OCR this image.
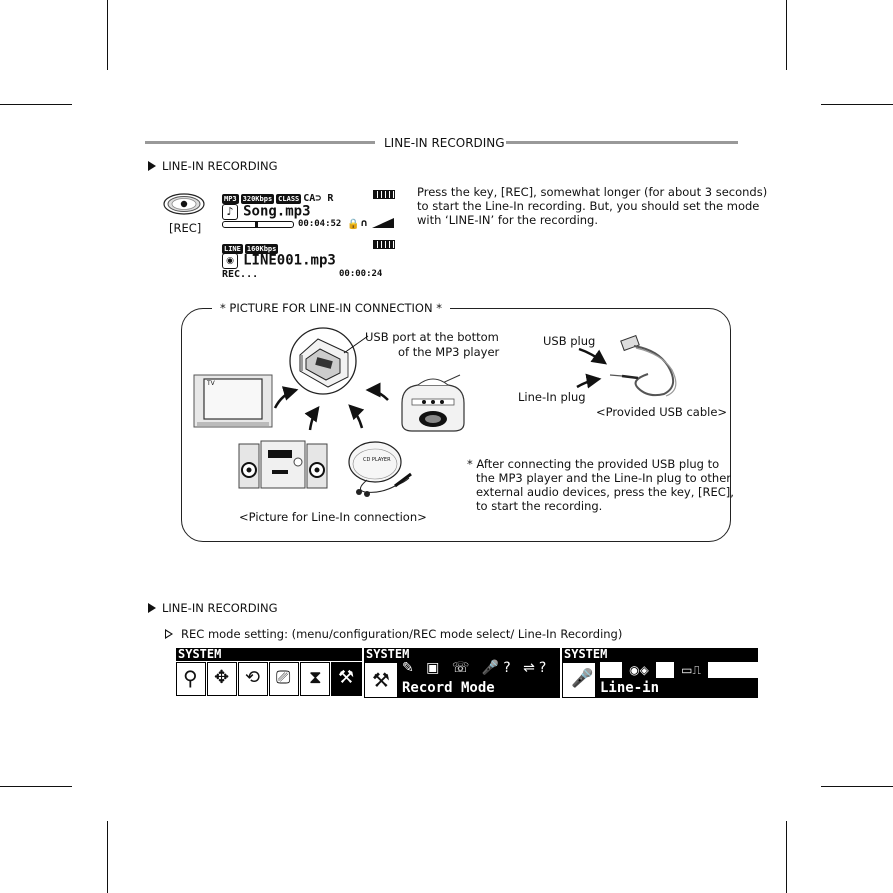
LINE-IN RECORDING
LINE-IN RECORDING
[REC]
MP3 320Kbps CLASS CA⊃ R
♪ Song.mp3
00:04:52 🔒 ∩
LINE 160Kbps
◉ LINE001.mp3
REC...	00:00:24
Press the key, [REC], somewhat longer (for about 3 seconds)
to start the Line-In recording. But, you should set the mode
with ‘LINE-IN’ for the recording.
* PICTURE FOR LINE-IN CONNECTION *
USB port at the bottom
of the MP3 player
TV
CD PLAYER
USB plug
Line-In plug
<Provided USB cable>
<Picture for Line-In connection>
* After connecting the provided USB plug to
the MP3 player and the Line-In plug to other
external audio devices, press the key, [REC],
to start the recording.
LINE-IN RECORDING
REC mode setting: (menu/configuration/REC mode select/ Line-In Recording)
SYSTEM
⚲ ✥ ⟲ ⎚ ⧗ ⚒
SYSTEM
⚒ ✎ ▣ ☏ 🎤? ⇌?
Record Mode
SYSTEM
🎤	◉◈	▭⎍
Line-in
